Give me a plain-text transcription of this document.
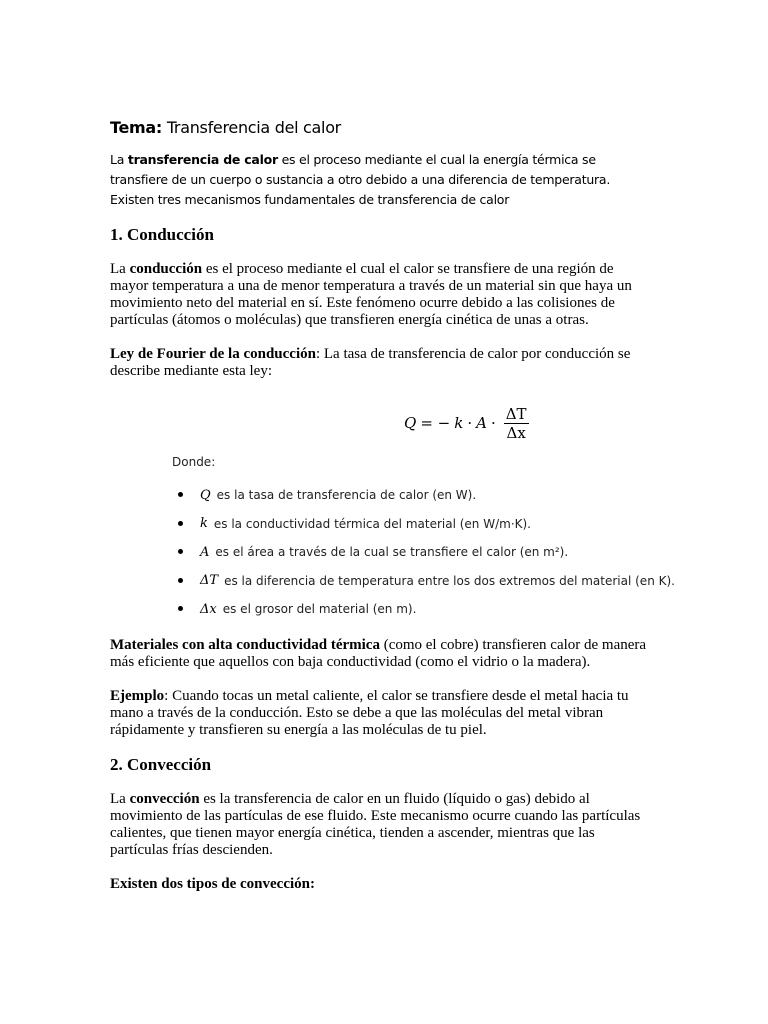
Tema: Transferencia del calor

La transferencia de calor es el proceso mediante el cual la energía térmica se

transfiere de un cuerpo o sustancia a otro debido a una diferencia de temperatura.

Existen tres mecanismos fundamentales de transferencia de calor

1. Conducción

La conducción es el proceso mediante el cual el calor se transfiere de una región de mayor temperatura a una de menor temperatura a través de un material sin que haya un movimiento neto del material en sí. Este fenómeno ocurre debido a las colisiones de partículas (átomos o moléculas) que transfieren energía cinética de unas a otras.

Ley de Fourier de la conducción: La tasa de transferencia de calor por conducción se describe mediante esta ley:

Q = − $k \cdot A \cdot \frac{\Delta T}{\Delta x}$

Donde:

Q es la tasa de transferencia de calor (en W).
k es la conductividad térmica del material (en W/m·K).
A es el área a través de la cual se transfiere el calor (en m²).
ΔT es la diferencia de temperatura entre los dos extremos del material (en K).
Δx es el grosor del material (en m).

Materiales con alta conductividad térmica (como el cobre) transfieren calor de manera más eficiente que aquellos con baja conductividad (como el vidrio o la madera).

Ejemplo: Cuando tocas un metal caliente, el calor se transfiere desde el metal hacia tu mano a través de la conducción. Esto se debe a que las moléculas del metal vibran rápidamente y transfieren su energía a las moléculas de tu piel.

2. Convección

La convección es la transferencia de calor en un fluido (líquido o gas) debido al movimiento de las partículas de ese fluido. Este mecanismo ocurre cuando las partículas calientes, que tienen mayor energía cinética, tienden a ascender, mientras que las partículas frías descienden.

Existen dos tipos de convección:
